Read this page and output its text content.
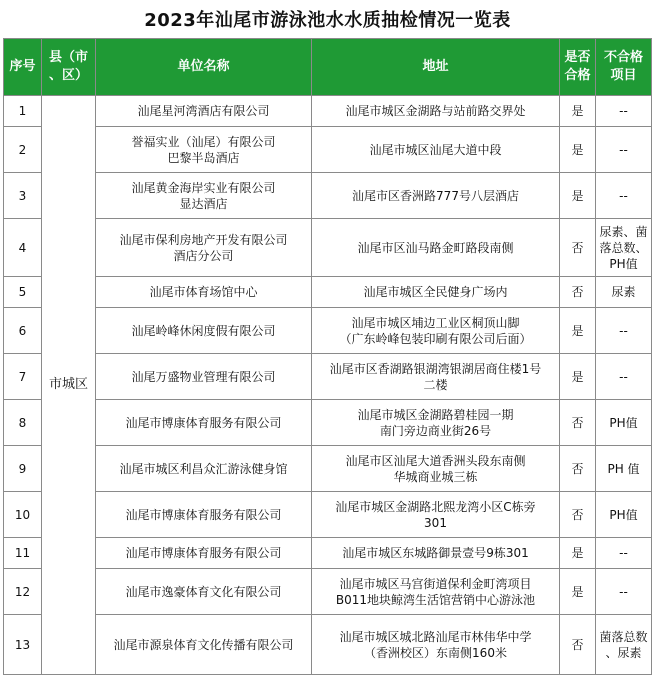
2023年汕尾市游泳池水水质抽检情况一览表
序号	县（市
、区）	单位名称	地址	是否
合格	不合格
项目

1	市城区	汕尾星河湾酒店有限公司	汕尾市城区金湖路与站前路交界处	是	--

2		誉福实业（汕尾）有限公司
巴黎半岛酒店	汕尾市城区汕尾大道中段	是	--

3		汕尾黄金海岸实业有限公司
显达酒店	汕尾市区香洲路777号八层酒店	是	--

4		汕尾市保利房地产开发有限公司
酒店分公司	汕尾市区汕马路金町路段南侧	否	尿素、菌
落总数、
PH值

5		汕尾市体育场馆中心	汕尾市城区全民健身广场内	否	尿素

6		汕尾岭峰休闲度假有限公司	汕尾市城区埔边工业区桐顶山脚
（广东岭峰包装印刷有限公司后面）	是	--

7		汕尾万盛物业管理有限公司	汕尾市区香湖路银湖湾银湖居商住楼1号
二楼	是	--

8		汕尾市博康体育服务有限公司	汕尾市城区金湖路碧桂园一期
南门旁边商业街26号	否	PH值

9		汕尾市城区利昌众汇游泳健身馆	汕尾市区汕尾大道香洲头段东南侧
华城商业城三栋	否	PH 值

10		汕尾市博康体育服务有限公司	汕尾市城区金湖路北熙龙湾小区C栋旁
301	否	PH值

11		汕尾市博康体育服务有限公司	汕尾市城区东城路御景壹号9栋301	是	--

12		汕尾市逸豪体育文化有限公司	汕尾市城区马宫街道保利金町湾项目
B011地块鲸湾生活馆营销中心游泳池	是	--

13		汕尾市源泉体育文化传播有限公司	汕尾市城区城北路汕尾市林伟华中学
（香洲校区）东南侧160米	否	菌落总数
、尿素
